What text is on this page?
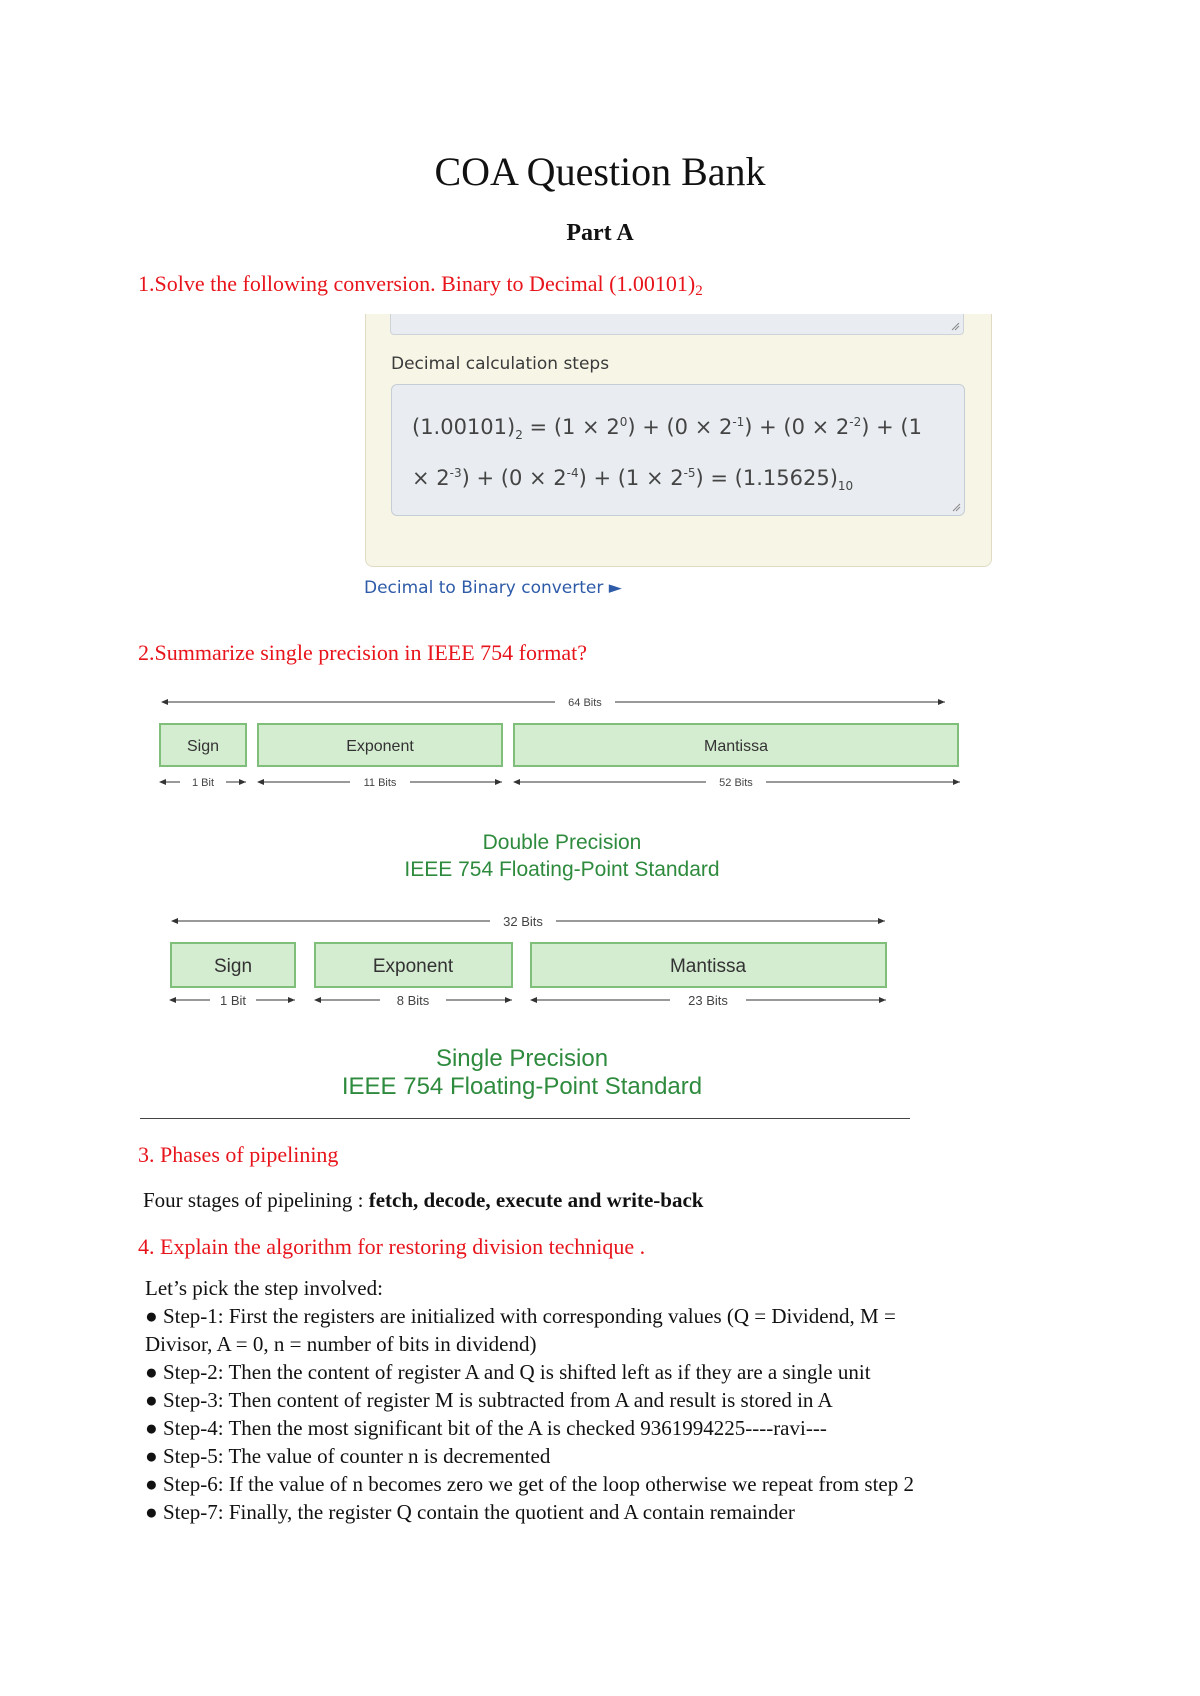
COA Question Bank
Part A
1.Solve the following conversion. Binary to Decimal $(1.00101)_2$
Decimal calculation steps
$(1.00101)_2 = (1 \times 2^0) + (0 \times 2^{-1}) + (0 \times 2^{-2}) + (1$
× $2^{-3}) + (0 \times 2^{-4}) + (1 \times 2^{-5}) = (1.15625)_{10}$
Decimal to Binary converter ►
2.Summarize single precision in IEEE 754 format?
64 Bits
Sign	Exponent	Mantissa
1 Bit	11 Bits	52 Bits
Double Precision
IEEE 754 Floating-Point Standard
32 Bits
Sign	Exponent	Mantissa
1 Bit	8 Bits	23 Bits
Single Precision
IEEE 754 Floating-Point Standard
3. Phases of pipelining
Four stages of pipelining : fetch, decode, execute and write-back
4. Explain the algorithm for restoring division technique .
Let’s pick the step involved:
● Step-1: First the registers are initialized with corresponding values (Q = Dividend, M =
Divisor, A = 0, n = number of bits in dividend)
● Step-2: Then the content of register A and Q is shifted left as if they are a single unit
● Step-3: Then content of register M is subtracted from A and result is stored in A
● Step-4: Then the most significant bit of the A is checked 9361994225----ravi---
● Step-5: The value of counter n is decremented
● Step-6: If the value of n becomes zero we get of the loop otherwise we repeat from step 2
● Step-7: Finally, the register Q contain the quotient and A contain remainder
